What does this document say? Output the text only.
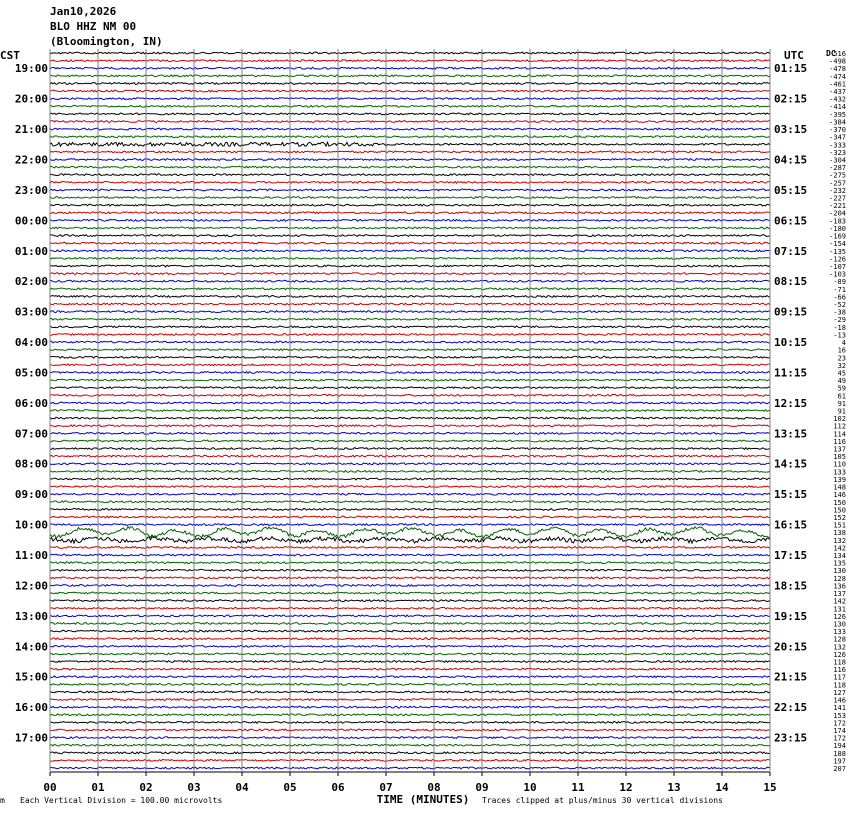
Jan10,2026
BLO HHZ NM 00
(Bloomington, IN)
CST	UTC	DC
00	01	02	03	04	05	06	07	08	09	10	11	12	13	14	15
19:00
20:00
21:00
22:00
23:00
00:00
01:00
02:00
03:00
04:00
05:00
06:00
07:00
08:00
09:00
10:00
11:00
12:00
13:00
14:00
15:00
16:00
17:00
01:15
02:15
03:15
04:15
05:15
06:15
07:15
08:15
09:15
10:15
11:15
12:15
13:15
14:15
15:15
16:15
17:15
18:15
19:15
20:15
21:15
22:15
23:15
516
-498
-478
-474
-461
-437
-432
-414
-395
-384
-370
-347
-333
-323
-304
-287
-275
-257
-232
-227
-221
-204
-183
-180
-169
-154
-135
-126
-107
-103
-89
-71
-66
-52
-38
-29
-18
-13
4
16
23
32
45
49
59
61
91
91
102
112
114
116
137
105
110
133
139
148
146
150
150
152
151
138
132
142
134
135
130
128
136
137
142
131
126
130
133
128
132
126
118
116
117
118
127
146
141
153
172
174
172
194
188
197
207
TIME (MINUTES)
m Each Vertical Division = 100.00 microvolts	Traces clipped at plus/minus 30 vertical divisions
